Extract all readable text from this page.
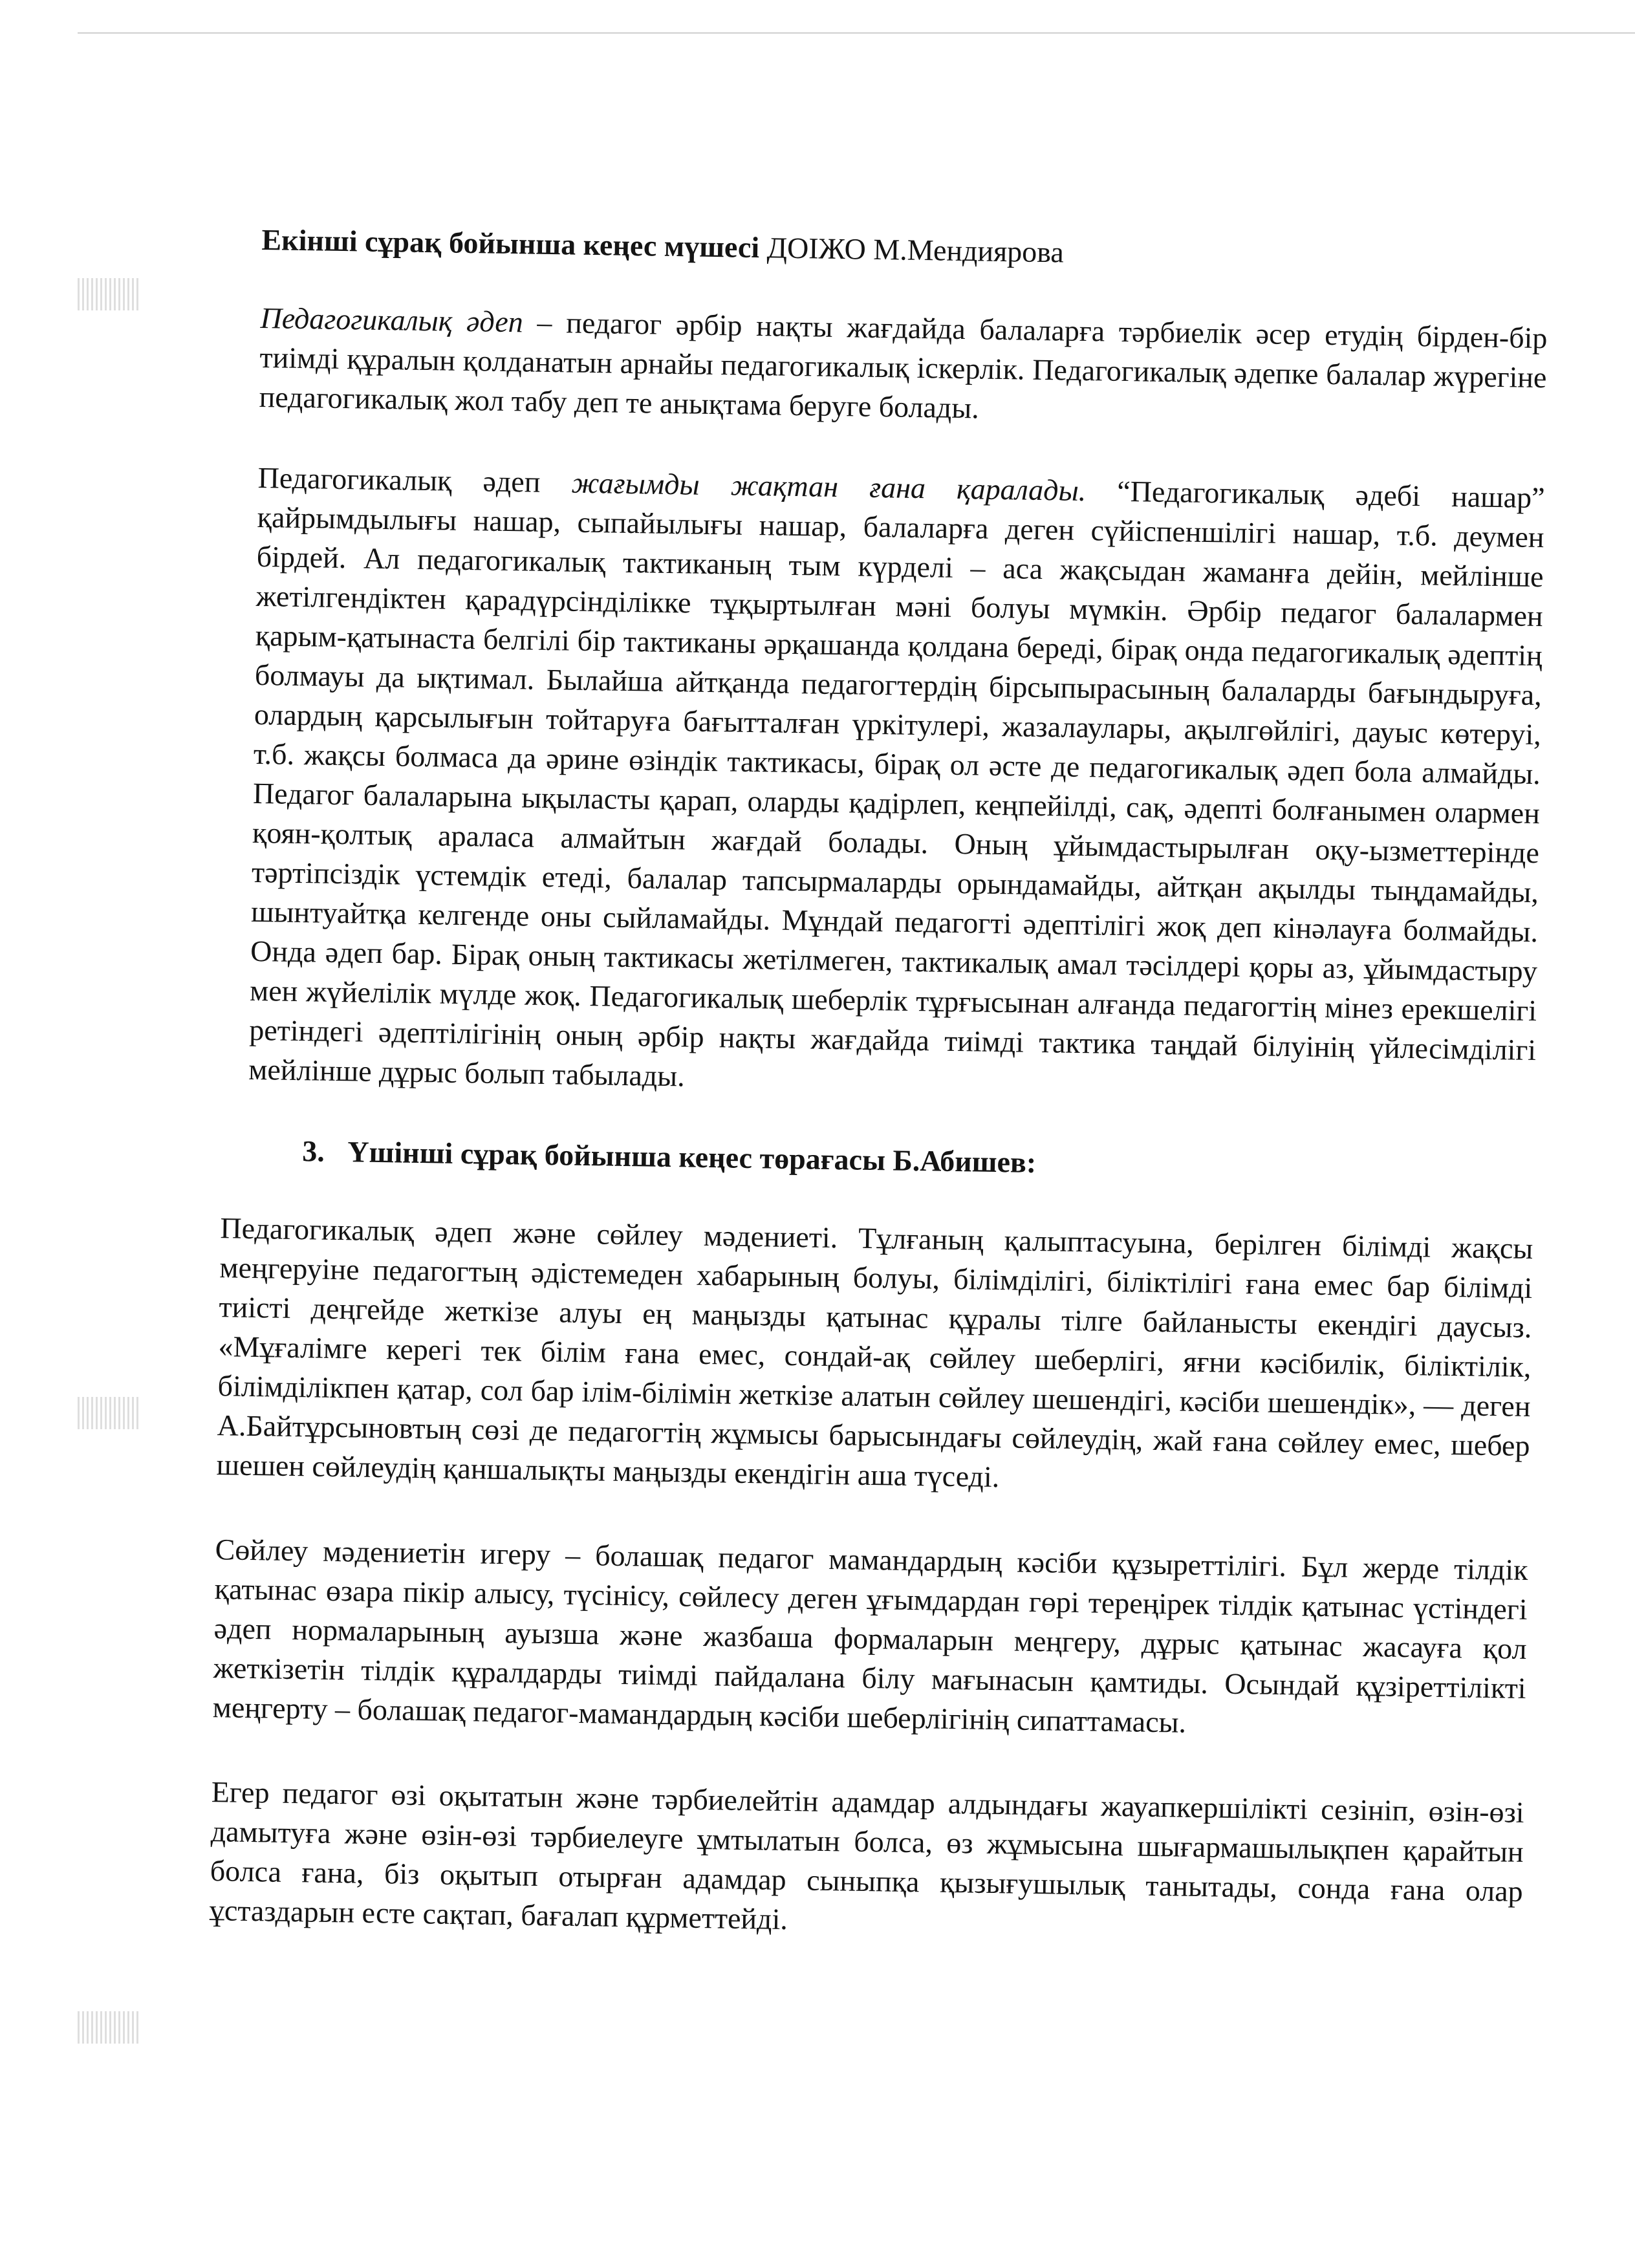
Екінші сұрақ бойынша кеңес мүшесі ДОІЖО М.Мендиярова

Педагогикалық әдеп – педагог әрбір нақты жағдайда балаларға тәрбиелік әсер етудің бірден-бір тиімді құралын қолданатын арнайы педагогикалық іскерлік. Педагогикалық әдепке балалар жүрегіне педагогикалық жол табу деп те анықтама беруге болады.

Педагогикалық әдеп жағымды жақтан ғана қаралады. “Педагогикалық әдебі нашар” қайрымдылығы нашар, сыпайылығы нашар, балаларға деген сүйіспеншілігі нашар, т.б. деумен бірдей. Ал педагогикалық тактиканың тым күрделі – аса жақсыдан жаманға дейін, мейлінше жетілгендіктен қарадүрсінділікке тұқыртылған мәні болуы мүмкін. Әрбір педагог балалармен қарым-қатынаста белгілі бір тактиканы әрқашанда қолдана береді, бірақ онда педагогикалық әдептің болмауы да ықтимал. Былайша айтқанда педагогтердің бірсыпырасының балаларды бағындыруға, олардың қарсылығын тойтаруға бағытталған үркітулері, жазалаулары, ақылгөйлігі, дауыс көтеруі, т.б. жақсы болмаса да әрине өзіндік тактикасы, бірақ ол әсте де педагогикалық әдеп бола алмайды. Педагог балаларына ықыласты қарап, оларды қадірлеп, кеңпейілді, сақ, әдепті болғанымен олармен қоян-қолтық араласа алмайтын жағдай болады. Оның ұйымдастырылған оқу-ызметтерінде тәртіпсіздік үстемдік етеді, балалар тапсырмаларды орындамайды, айтқан ақылды тыңдамайды, шынтуайтқа келгенде оны сыйламайды. Мұндай педагогті әдептілігі жоқ деп кінәлауға болмайды. Онда әдеп бар. Бірақ оның тактикасы жетілмеген, тактикалық амал тәсілдері қоры аз, ұйымдастыру мен жүйелілік мүлде жоқ. Педагогикалық шеберлік тұрғысынан алғанда педагогтің мінез ерекшелігі ретіндегі әдептілігінің оның әрбір нақты жағдайда тиімді тактика таңдай білуінің үйлесімділігі мейлінше дұрыс болып табылады.

3. Үшінші сұрақ бойынша кеңес төрағасы Б.Абишев:

Педагогикалық әдеп және сөйлеу мәдениеті. Тұлғаның қалыптасуына, берілген білімді жақсы меңгеруіне педагогтың әдістемеден хабарының болуы, білімділігі, біліктілігі ғана емес бар білімді тиісті деңгейде жеткізе алуы ең маңызды қатынас құралы тілге байланысты екендігі даусыз. «Мұғалімге керегі тек білім ғана емес, сондай-ақ сөйлеу шеберлігі, яғни кәсібилік, біліктілік, білімділікпен қатар, сол бар ілім-білімін жеткізе алатын сөйлеу шешендігі, кәсіби шешендік», — деген А.Байтұрсыновтың сөзі де педагогтің жұмысы барысындағы сөйлеудің, жай ғана сөйлеу емес, шебер шешен сөйлеудің қаншалықты маңызды екендігін аша түседі.

Сөйлеу мәдениетін игеру – болашақ педагог мамандардың кәсіби құзыреттілігі. Бұл жерде тілдік қатынас өзара пікір алысу, түсінісу, сөйлесу деген ұғымдардан гөрі тереңірек тілдік қатынас үстіндегі әдеп нормаларының ауызша және жазбаша формаларын меңгеру, дұрыс қатынас жасауға қол жеткізетін тілдік құралдарды тиімді пайдалана білу мағынасын қамтиды. Осындай құзіреттілікті меңгерту – болашақ педагог-мамандардың кәсіби шеберлігінің сипаттамасы.

Егер педагог өзі оқытатын және тәрбиелейтін адамдар алдындағы жауапкершілікті сезініп, өзін-өзі дамытуға және өзін-өзі тәрбиелеуге ұмтылатын болса, өз жұмысына шығармашылықпен қарайтын болса ғана, біз оқытып отырған адамдар сыныпқа қызығушылық танытады, сонда ғана олар ұстаздарын есте сақтап, бағалап құрметтейді.
